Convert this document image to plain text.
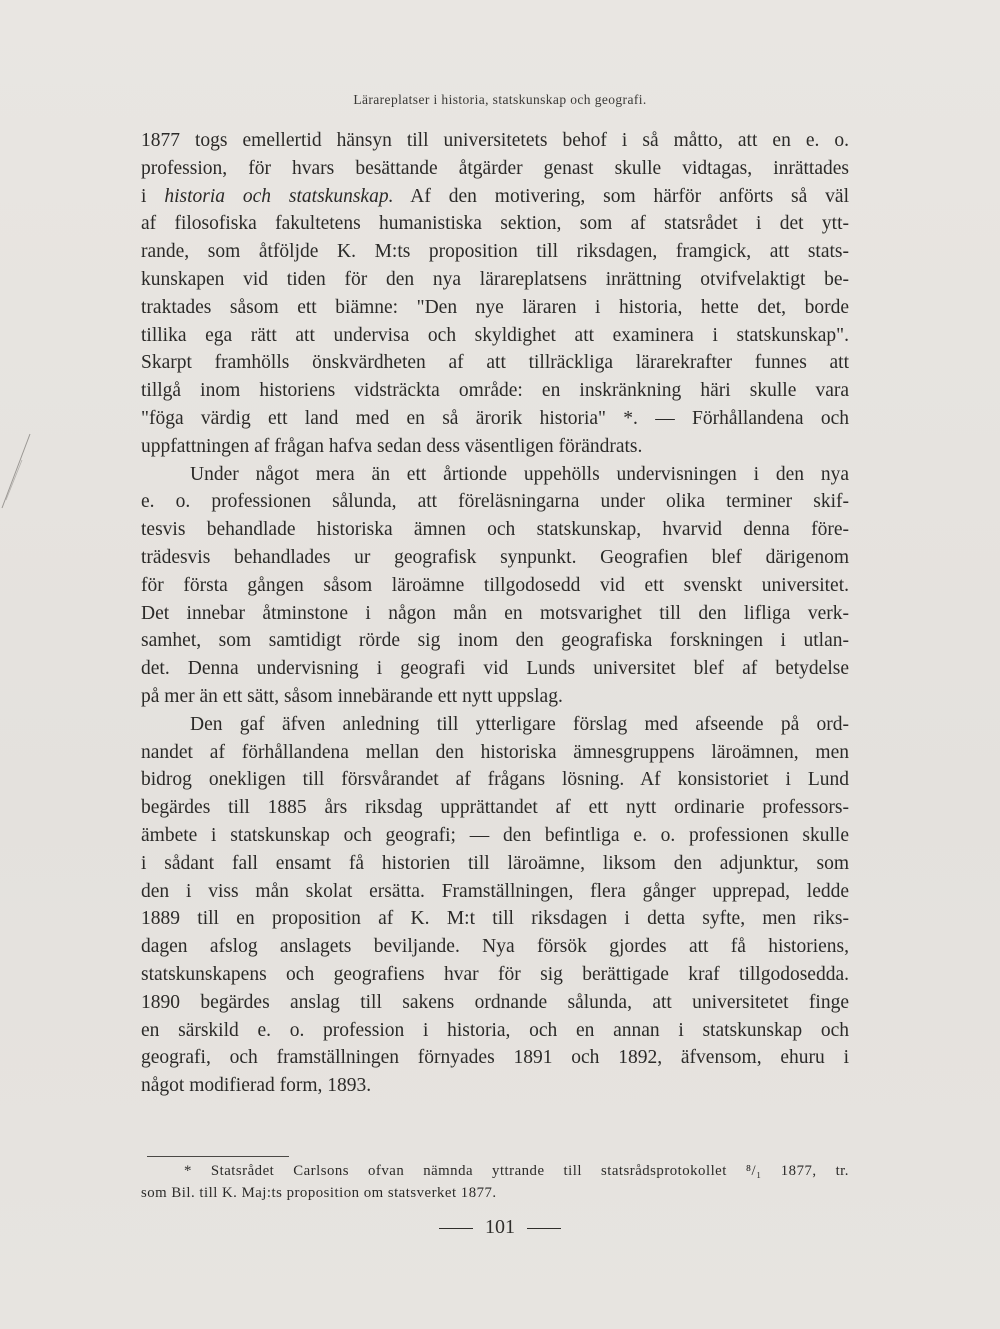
Lärareplatser i historia, statskunskap och geografi.
1877 togs emellertid hänsyn till universitetets behof i så måtto, att en e. o.
profession, för hvars besättande åtgärder genast skulle vidtagas, inrättades
i historia och statskunskap. Af den motivering, som härför anförts så väl
af filosofiska fakultetens humanistiska sektion, som af statsrådet i det ytt-
rande, som åtföljde K. M:ts proposition till riksdagen, framgick, att stats-
kunskapen vid tiden för den nya lärareplatsens inrättning otvifvelaktigt be-
traktades såsom ett biämne: "Den nye läraren i historia, hette det, borde
tillika ega rätt att undervisa och skyldighet att examinera i statskunskap".
Skarpt framhölls önskvärdheten af att tillräckliga lärarekrafter funnes att
tillgå inom historiens vidsträckta område: en inskränkning häri skulle vara
"föga värdig ett land med en så ärorik historia" *. — Förhållandena och
uppfattningen af frågan hafva sedan dess väsentligen förändrats.
Under något mera än ett årtionde uppehölls undervisningen i den nya
e. o. professionen sålunda, att föreläsningarna under olika terminer skif-
tesvis behandlade historiska ämnen och statskunskap, hvarvid denna före-
trädesvis behandlades ur geografisk synpunkt. Geografien blef därigenom
för första gången såsom läroämne tillgodosedd vid ett svenskt universitet.
Det innebar åtminstone i någon mån en motsvarighet till den lifliga verk-
samhet, som samtidigt rörde sig inom den geografiska forskningen i utlan-
det. Denna undervisning i geografi vid Lunds universitet blef af betydelse
på mer än ett sätt, såsom innebärande ett nytt uppslag.
Den gaf äfven anledning till ytterligare förslag med afseende på ord-
nandet af förhållandena mellan den historiska ämnesgruppens läroämnen, men
bidrog onekligen till försvårandet af frågans lösning. Af konsistoriet i Lund
begärdes till 1885 års riksdag upprättandet af ett nytt ordinarie professors-
ämbete i statskunskap och geografi; — den befintliga e. o. professionen skulle
i sådant fall ensamt få historien till läroämne, liksom den adjunktur, som
den i viss mån skolat ersätta. Framställningen, flera gånger upprepad, ledde
1889 till en proposition af K. M:t till riksdagen i detta syfte, men riks-
dagen afslog anslagets beviljande. Nya försök gjordes att få historiens,
statskunskapens och geografiens hvar för sig berättigade kraf tillgodosedda.
1890 begärdes anslag till sakens ordnande sålunda, att universitetet finge
en särskild e. o. profession i historia, och en annan i statskunskap och
geografi, och framställningen förnyades 1891 och 1892, äfvensom, ehuru i
något modifierad form, 1893.
* Statsrådet Carlsons ofvan nämnda yttrande till statsrådsprotokollet ⁸/₁ 1877, tr.
som Bil. till K. Maj:ts proposition om statsverket 1877.
101
